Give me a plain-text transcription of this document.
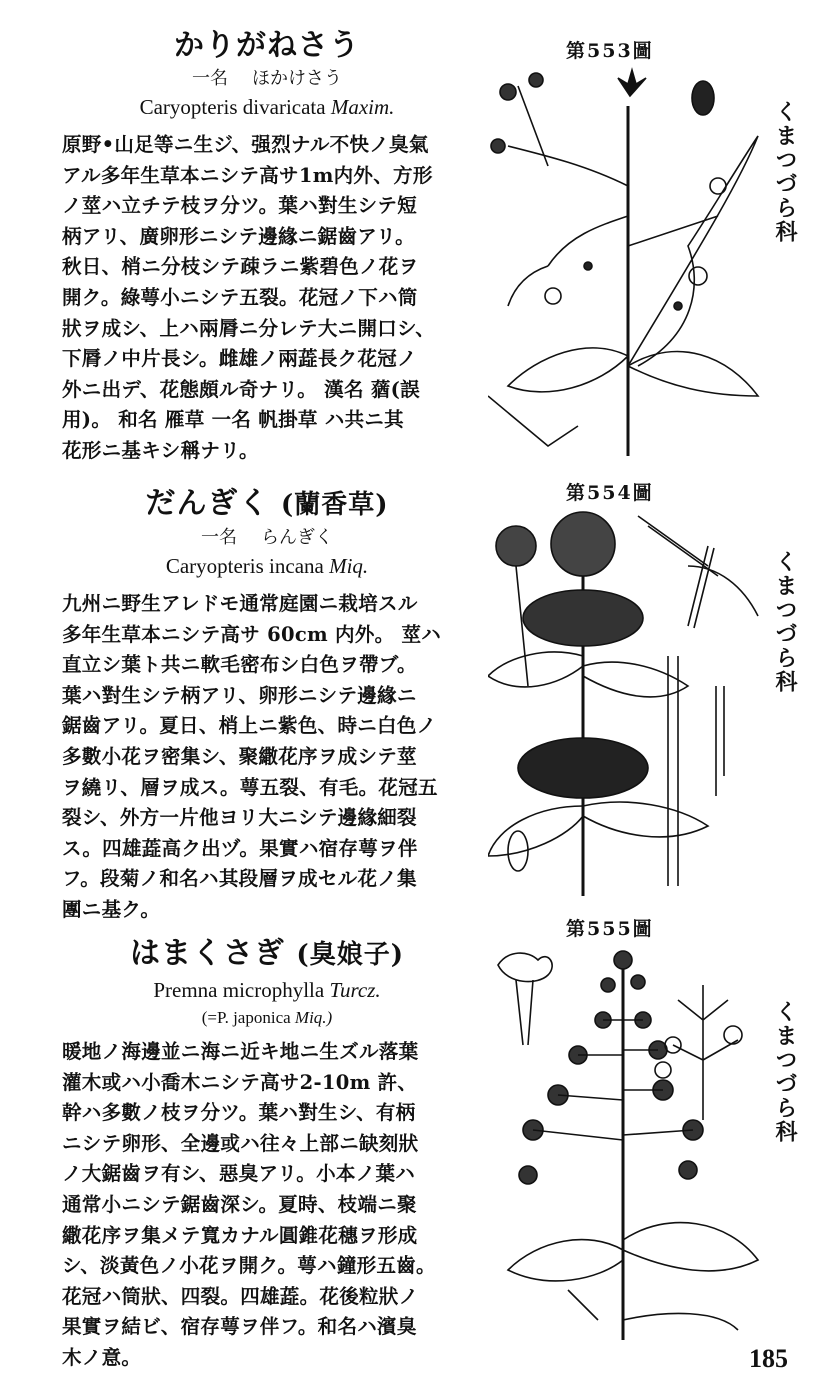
かりがねさう

一名 ほかけさう

Caryopteris divaricata Maxim.

原野•山足等ニ生ジ、强烈ナル不快ノ臭氣
アル多年生草本ニシテ高サ1m内外、方形
ノ莖ハ立チテ枝ヲ分ツ。葉ハ對生シテ短
柄アリ、廣卵形ニシテ邊緣ニ鋸齒アリ。
秋日、梢ニ分枝シテ疎ラニ紫碧色ノ花ヲ
開ク。綠萼小ニシテ五裂。花冠ノ下ハ筒
狀ヲ成シ、上ハ兩脣ニ分レテ大ニ開口シ、
下脣ノ中片長シ。雌雄ノ兩蕋長ク花冠ノ
外ニ出デ、花態頗ル奇ナリ。 漢名 蕕(誤
用)。 和名 雁草 一名 帆掛草 ハ共ニ其
花形ニ基キシ稱ナリ。
第553圖
くまつづら科
だんぎく (蘭香草)

一名 らんぎく

Caryopteris incana Miq.

九州ニ野生アレドモ通常庭園ニ栽培スル
多年生草本ニシテ高サ 60cm 内外。 莖ハ
直立シ葉ト共ニ軟毛密布シ白色ヲ帶ブ。
葉ハ對生シテ柄アリ、卵形ニシテ邊緣ニ
鋸齒アリ。夏日、梢上ニ紫色、時ニ白色ノ
多數小花ヲ密集シ、聚繖花序ヲ成シテ莖
ヲ繞リ、層ヲ成ス。萼五裂、有毛。花冠五
裂シ、外方一片他ヨリ大ニシテ邊緣細裂
ス。四雄蕋高ク出ヅ。果實ハ宿存萼ヲ伴
フ。段菊ノ和名ハ其段層ヲ成セル花ノ集
團ニ基ク。
第554圖
くまつづら科
はまくさぎ (臭娘子)

Premna microphylla Turcz.

(=P. japonica Miq.)

暖地ノ海邊並ニ海ニ近キ地ニ生ズル落葉
灌木或ハ小喬木ニシテ高サ2-10m 許、
幹ハ多數ノ枝ヲ分ツ。葉ハ對生シ、有柄
ニシテ卵形、全邊或ハ往々上部ニ缺刻狀
ノ大鋸齒ヲ有シ、惡臭アリ。小本ノ葉ハ
通常小ニシテ鋸齒深シ。夏時、枝端ニ聚
繖花序ヲ集メテ寬カナル圓錐花穗ヲ形成
シ、淡黃色ノ小花ヲ開ク。萼ハ鐘形五齒。
花冠ハ筒狀、四裂。四雄蕋。花後粒狀ノ
果實ヲ結ビ、宿存萼ヲ伴フ。和名ハ濱臭
木ノ意。
第555圖
くまつづら科
185
